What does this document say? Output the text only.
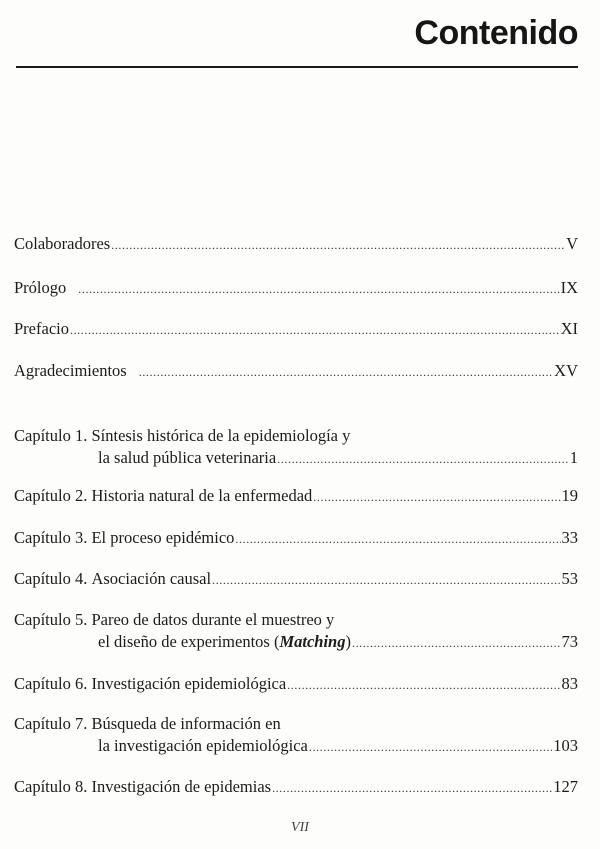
Contenido
Colaboradores .....	V
Prólogo .....	IX
Prefacio .....	XI
Agradecimientos .....	XV
Capítulo 1.
Síntesis histórica de la epidemiología y
la salud pública veterinaria .....	1
Capítulo 2.
Historia natural de la enfermedad .....	19
Capítulo 3.
El proceso epidémico .....	33
Capítulo 4.
Asociación causal .....	53
Capítulo 5.
Pareo de datos durante el muestreo y
el diseño de experimentos (Matching) .....	73
Capítulo 6.
Investigación epidemiológica .....	83
Capítulo 7.
Búsqueda de información en
la investigación epidemiológica .....	103
Capítulo 8.
Investigación de epidemias .....	127
VII
